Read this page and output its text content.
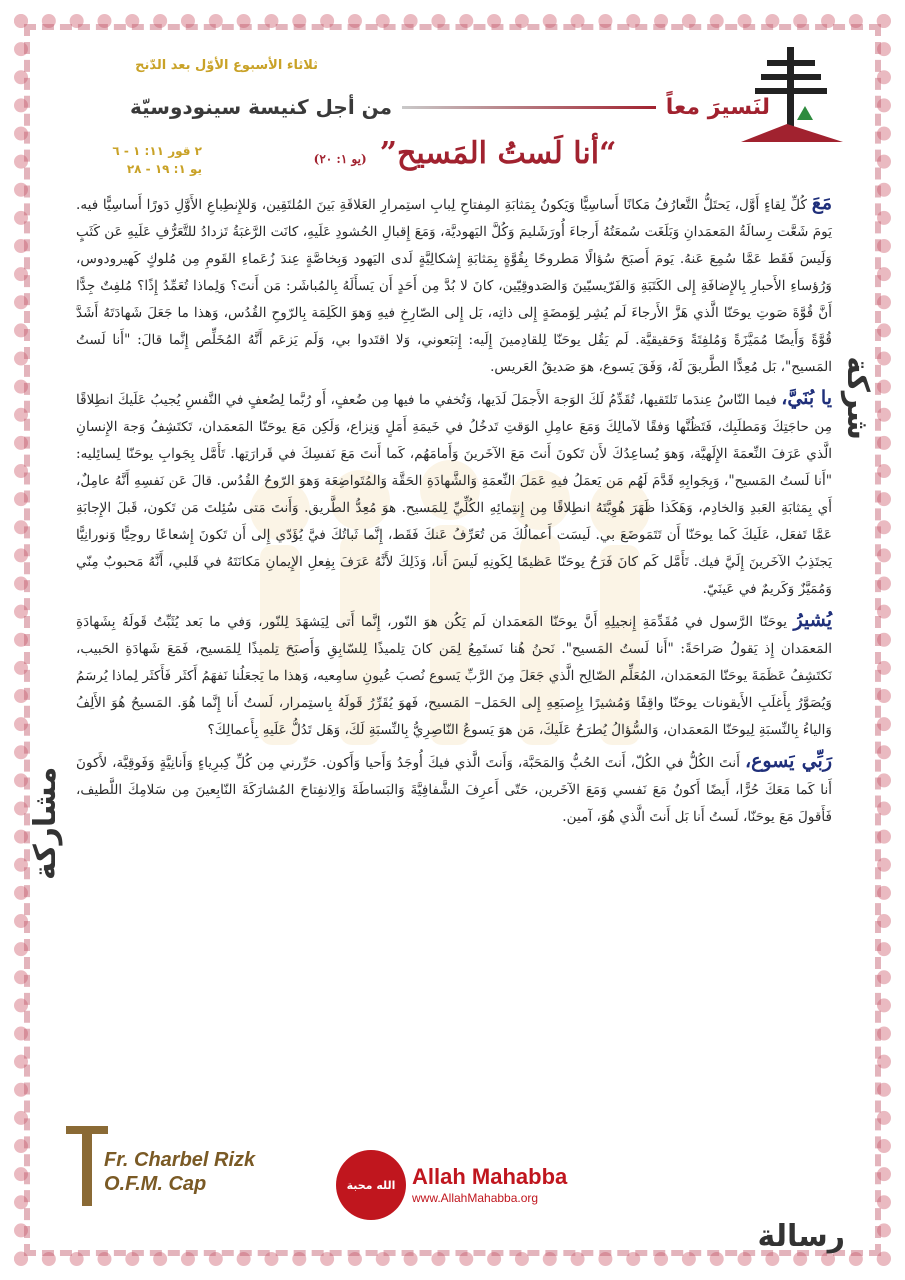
ثلاثاء الأسبوع الأوّل بعد الدّنح
لنَسيرَ معاً
من أجل كنيسة سينودوسيّة
٢ قور ١١: ١ - ٦
يو ١: ١٩ - ٢٨	“أنا لَستُ المَسيح” (يو ١: ٢٠)

مَعَ كُلِّ لِقاءٍ أَوَّل، يَحتَلُّ التَّعارُفُ مَكانًا أَساسِيًّا وَيَكونُ بِمَثابَةِ المِفتاحِ لِبابِ استِمرارِ العَلاقَةِ بَينَ المُلتَقِين، وَللإِنطِباعِ الأَوَّلِ دَورًا أَساسِيًّا فيه. يَومَ شَعَّت رِسالَةُ المَعمَدانِ وَبَلَغَت سُمعَتُهُ أَرجاءَ أُورَشَليمَ وَكُلَّ اليَهوديَّة، وَمَعَ إِقبالِ الحُشودِ عَلَيهِ، كانَت الرَّغبَةُ تَزدادُ للتَّعَرُّفِ عَلَيهِ عَن كَثَبٍ وَلَيسَ فَقَط عَمَّا سُمِعَ عَنهُ. يَومَ أَصبَحَ سُؤالًا مَطروحًا بِقُوَّةٍ بِمَثابَةِ إِشكالِيَّةٍ لَدى اليَهود وَبِخاصَّةٍ عِندَ زُعَماءِ القَومِ مِن مُلوكٍ كَهيرودوس، وَرُؤساءِ الأَحبارِ بِالإِضافَةِ إِلى الكَتَبَةِ وَالفَرّيسيّينَ وَالصَدوقِيّين، كانَ لا بُدَّ مِن أَحَدٍ أَن يَسأَلَهُ بِالمُباشَر: مَن أَنتَ؟ وَلِماذا تُعَمِّدُ إِذًا؟ مُلفِتٌ جِدًّا أَنَّ قُوَّةَ صَوتِ يوحَنّا الَّذي هَزَّ الأَرجاءَ لَم يُشِر لِوَمضَةٍ إِلى ذاتِه، بَل إِلى الصّارِخِ فيهِ وَهوَ الكَلِمَة بِالرّوحِ القُدُس، وَهذا ما جَعَلَ شَهادَتَهُ أَشَدَّ قُوَّةً وَأَيضًا مُمَيَّزَةً وَمُلفِتَةً وَحَقيقيَّة. لَم يَقُل يوحَنّا لِلقادِمينَ إِلَيه: إِتبَعوني، وَلا اقتَدوا بي، وَلَم يَزعَم أَنَّهُ المُخَلِّص إِنَّما قالَ: "أَنا لَستُ المَسيح"، بَل مُعِدًّا الطَّريقَ لَهُ، وَفَقَ يَسوع، هوَ صَديقُ العَريس.

يا بُنَيَّ، فيما النّاسُ عِندَما تَلتَقيها، تُقَدِّمُ لَكَ الوَجهَ الأَجمَلَ لَدَيها، وَتُخفي ما فيها مِن ضُعفٍ، أَو رُبَّما لِضُعفٍ في النَّفسِ يُجيبُ عَلَيكَ انطِلاقًا مِن حاجَتِكَ وَمَطلَبِك، فَتَظُنَّها وَفقًا لآمالِكَ وَمَعَ عامِلِ الوَقتِ تَدخُلُ في خَيمَةِ أَمَلٍ وَنِزاع، وَلَكِن مَعَ يوحَنّا المَعمَدان، تَكتَشِفُ وَجهَ الإِنسانِ الَّذي عَرَفَ النِّعمَةَ الإِلَهيَّة، وَهوَ يُساعِدُكَ لأَن تَكونَ أَنتَ مَعَ الآخَرينَ وَأَمامَهُم، كَما أَنتَ مَعَ نَفسِكَ في قَرارَتِها. تَأَمَّل بِجَوابِ يوحَنّا لِسائِليه: "أَنا لَستُ المَسيح"، وَبِجَوابِهِ قَدَّمَ لَهُم مَن يَعمَلُ فيهِ عَمَلَ النِّعمَةِ وَالشَّهادَةِ الحَقَّة وَالمُتَواضِعَة وَهوَ الرّوحُ القُدُس. قالَ عَن نَفسِهِ أَنَّهُ عامِلٌ، أَي بِمَثابَةِ العَبدِ وَالخادِم، وَهَكَذا ظَهَرَ هُوِيَّتَهُ انطِلاقًا مِن إِنتِمائِهِ الكُلِّيِّ لِلمَسيح. هوَ مُعِدُّ الطَّريق. وَأَنتَ مَتى سُئِلتَ مَن تَكون، قَبلَ الإِجابَةِ عَمَّا تَفعَل، عَلَيكَ كَما يوحَنّا أَن تَتَمَوضَعَ بي. لَيسَت أَعمالُكَ مَن تُعَرِّفُ عَنكَ فَقَط، إِنَّما ثَباتُكَ فيَّ يُؤَدّي إِلى أَن تَكونَ إِشعاعًا روحِيًّا وَنورانِيًّا يَجتَذِبُ الآخَرينَ إِلَيَّ فيك. تَأَمَّل كَم كانَ فَرَحُ يوحَنّا عَظيمًا لِكَونِهِ لَيسَ أَنا، وَذَلِكَ لأَنَّهُ عَرَفَ بِفِعلِ الإِيمانِ مَكانَتَهُ في قَلبي، أَنَّهُ مَحبوبٌ مِنّي وَمُمَيَّزٌ وَكَريمٌ في عَينَيّ.

يُشيرُ يوحَنّا الرَّسول في مُقَدِّمَةِ إِنجيلِهِ أَنَّ يوحَنّا المَعمَدان لَم يَكُن هوَ النّور، إِنَّما أَتى لِيَشهَدَ لِلنّور، وَفي ما بَعد يُثَبِّتُ قَولَهُ بِشَهادَةِ المَعمَدان إِذ يَقولُ صَراحَةً: "أَنا لَستُ المَسيح". نَحنُ هُنا نَستَمِعُ لِمَن كانَ تِلميذًا لِلسّابِقِ وَأَصبَحَ تِلميذًا لِلمَسيح، فَمَعَ شَهادَةِ الحَبيب، نَكتَشِفُ عَظَمَةَ يوحَنّا المَعمَدان، المُعَلِّم الصّالِح الَّذي جَعَلَ مِنَ الرَّبِّ يَسوع نُصبَ عُيونِ سامِعيه، وَهذا ما يَجعَلُنا نَفهَمُ أَكثَر فَأَكثَر لِماذا يُرسَمُ وَيُصَوَّرُ بِأَغلَبِ الأَيقونات يوحَنّا واقِفًا وَمُشيرًا بِإِصبَعِهِ إِلى الحَمَل– المَسيح، فَهوَ يُقَرِّرُ قَولَهُ بِاستِمرار، لَستُ أَنا إِنَّما هُوَ. المَسيحُ هُوَ الأَلِفُ وَالياءُ بِالنِّسبَةِ لِيوحَنّا المَعمَدان، وَالسُّؤالُ يُطرَحُ عَلَيكَ، مَن هوَ يَسوعُ النّاصِرِيُّ بِالنِّسبَةِ لَكَ، وَهَل تَدُلُّ عَلَيهِ بِأَعمالِكَ؟

رَبِّي يَسوع، أَنتَ الكُلُّ في الكُلّ، أَنتَ الحُبُّ وَالمَحَبَّة، وَأَنتَ الَّذي فيكَ أُوجَدُ وَأَحيا وَأَكون. حَرِّرني مِن كُلِّ كِبرِياءٍ وَأَنانِيَّةٍ وَفَوقِيَّة، لأَكونَ أَنا كَما مَعَكَ حُرًّا، أَيضًا أَكونُ مَعَ نَفسي وَمَعَ الآخَرين، حَتّى أَعرِفَ الشَّفافِيَّةَ وَالبَساطَةَ وَالِانفِتاحَ المُشارَكَةَ النّابِعينَ مِن سَلامِكَ اللَّطيف، فَأَقولَ مَعَ يوحَنّا، لَستُ أَنا بَل أَنتَ الَّذي هُوَ، آمين.

شركة
مشاركة
رسالة
Fr. Charbel Rizk
O.F.M. Cap	الله محبة Allah Mahabba
www.AllahMahabba.org
